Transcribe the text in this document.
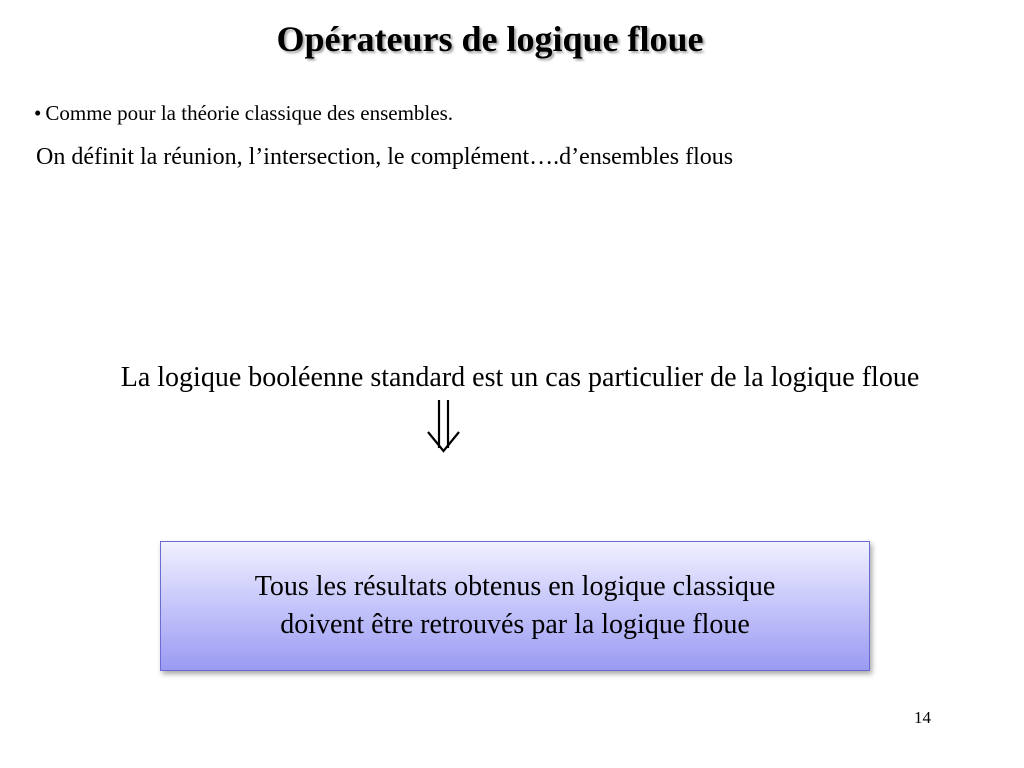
Opérateurs de logique floue
• Comme pour la théorie classique des ensembles.
On définit la réunion, l’intersection, le complément….d’ensembles flous
La logique booléenne standard est un cas particulier de la logique floue
Tous les résultats obtenus en logique classique
doivent être retrouvés par la logique floue
14
